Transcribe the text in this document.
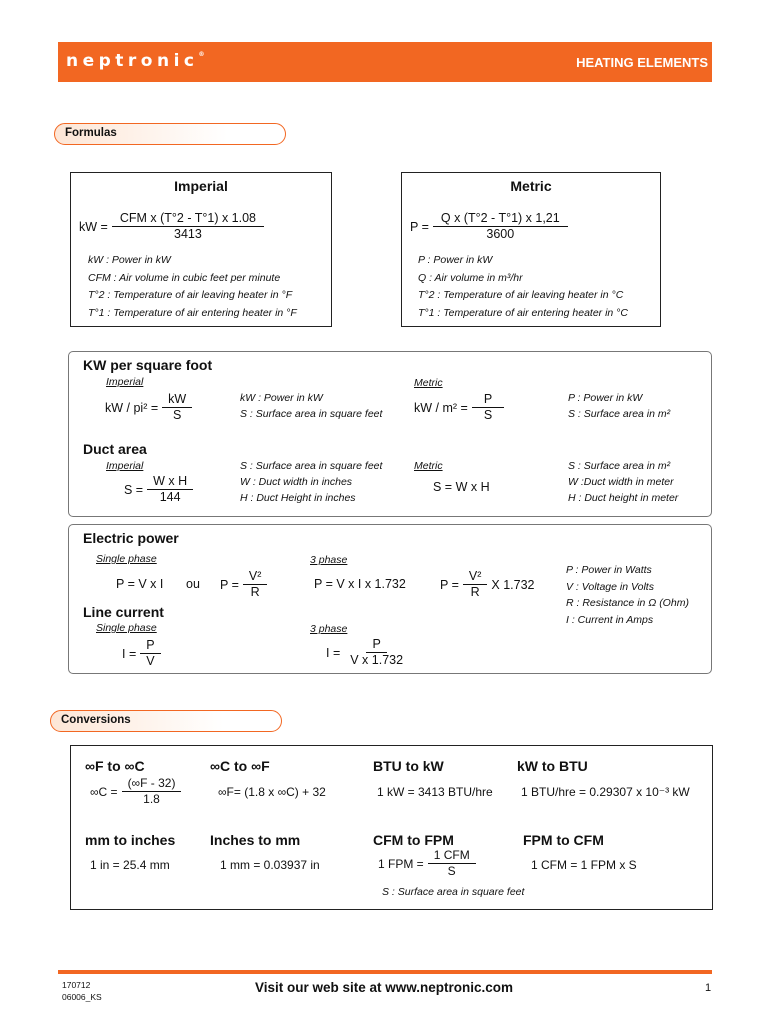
neptronic®
HEATING ELEMENTS
Formulas
Imperial
kW = $\frac{\text{CFM x (T°2 - T°1) x 1.08}}{3413}$
kW : Power in kW
CFM : Air volume in cubic feet per minute
T°2 : Temperature of air leaving heater in °F
T°1 : Temperature of air entering heater in °F
Metric
$P = \frac{\text{Q x (T°2 - T°1) x 1,21}}{3600}$
P : Power in kW
Q : Air volume in m³/hr
T°2 : Temperature of air leaving heater in °C
T°1 : Temperature of air entering heater in °C
KW per square foot
Imperial
kW / $pi^2 = \frac{kW}{S}$	kW : Power in kW
S : Surface area in square feet
Metric
kW / $m^2 = \frac{P}{S}$	P : Power in kW
S : Surface area in m²
Duct area
Imperial
$S = \frac{\text{W x H}}{144}$
S : Surface area in square feet
W : Duct width in inches
H : Duct Height in inches
Metric
S = W x H
S : Surface area in m²
W :Duct width in meter
H : Duct height in meter
Electric power
Single phase
P = V x I ou $P = \frac{\text{V²}}{R}$
3 phase
P = V x I x 1.732	$P = \frac{\text{V²}}{R}$ X 1.732
P : Power in Watts
V : Voltage in Volts
R : Resistance in Ω (Ohm)
I : Current in Amps
Line current
Single phase
$I = \frac{P}{V}$
3 phase
$I = \frac{P}{\text{V x 1.732}}$
Conversions
∞F to ∞C
$\infty C = \frac{(\infty F - 32)}{1.8}$
∞C to ∞F
∞F= (1.8 x ∞C) + 32
BTU to kW
1 kW = 3413 BTU/hre
kW to BTU
1 BTU/hre = 0.29307 x 10⁻³ kW
mm to inches
1 in = 25.4 mm
Inches to mm
1 mm = 0.03937 in
CFM to FPM
1 FPM = $\frac{\text{1 CFM}}{S}$
S : Surface area in square feet
FPM to CFM
1 CFM = 1 FPM x S
170712
06006_KS
Visit our web site at www.neptronic.com	1
